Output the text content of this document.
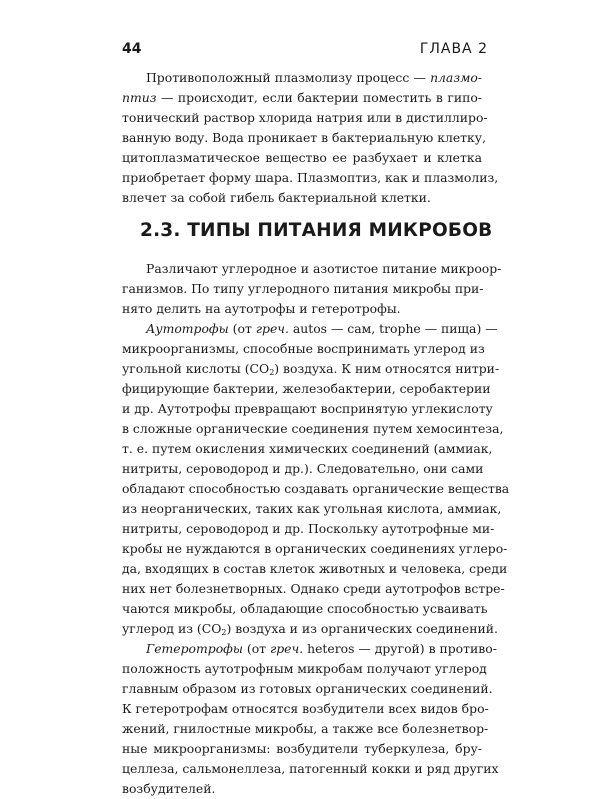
44	ГЛАВА 2
Противоположный плазмолизу процесс — плазмо-
птиз — происходит, если бактерии поместить в гипо-
тонический раствор хлорида натрия или в дистиллиро-
ванную воду. Вода проникает в бактериальную клетку,
цитоплазматическое вещество ее разбухает и клетка
приобретает форму шара. Плазмоптиз, как и плазмолиз,
влечет за собой гибель бактериальной клетки.
2.3. ТИПЫ ПИТАНИЯ МИКРОБОВ
Различают углеродное и азотистое питание микроор-
ганизмов. По типу углеродного питания микробы при-
нято делить на аутотрофы и гетеротрофы.
Аутотрофы (от греч. autos — сам, trophe — пища) —
микроорганизмы, способные воспринимать углерод из
угольной кислоты $(CO_2)$ воздуха. К ним относятся нитри-
фицирующие бактерии, железобактерии, серобактерии
и др. Аутотрофы превращают воспринятую углекислоту
в сложные органические соединения путем хемосинтеза,
т. е. путем окисления химических соединений (аммиак,
нитриты, сероводород и др.). Следовательно, они сами
обладают способностью создавать органические вещества
из неорганических, таких как угольная кислота, аммиак,
нитриты, сероводород и др. Поскольку аутотрофные ми-
кробы не нуждаются в органических соединениях углеро-
да, входящих в состав клеток животных и человека, среди
них нет болезнетворных. Однако среди аутотрофов встре-
чаются микробы, обладающие способностью усваивать
углерод из $(CO_2)$ воздуха и из органических соединений.
Гетеротрофы (от греч. heteros — другой) в противо-
положность аутотрофным микробам получают углерод
главным образом из готовых органических соединений.
К гетеротрофам относятся возбудители всех видов бро-
жений, гнилостные микробы, а также все болезнетвор-
ные микроорганизмы: возбудители туберкулеза, бру-
целлеза, сальмонеллеза, патогенный кокки и ряд других
возбудителей.
